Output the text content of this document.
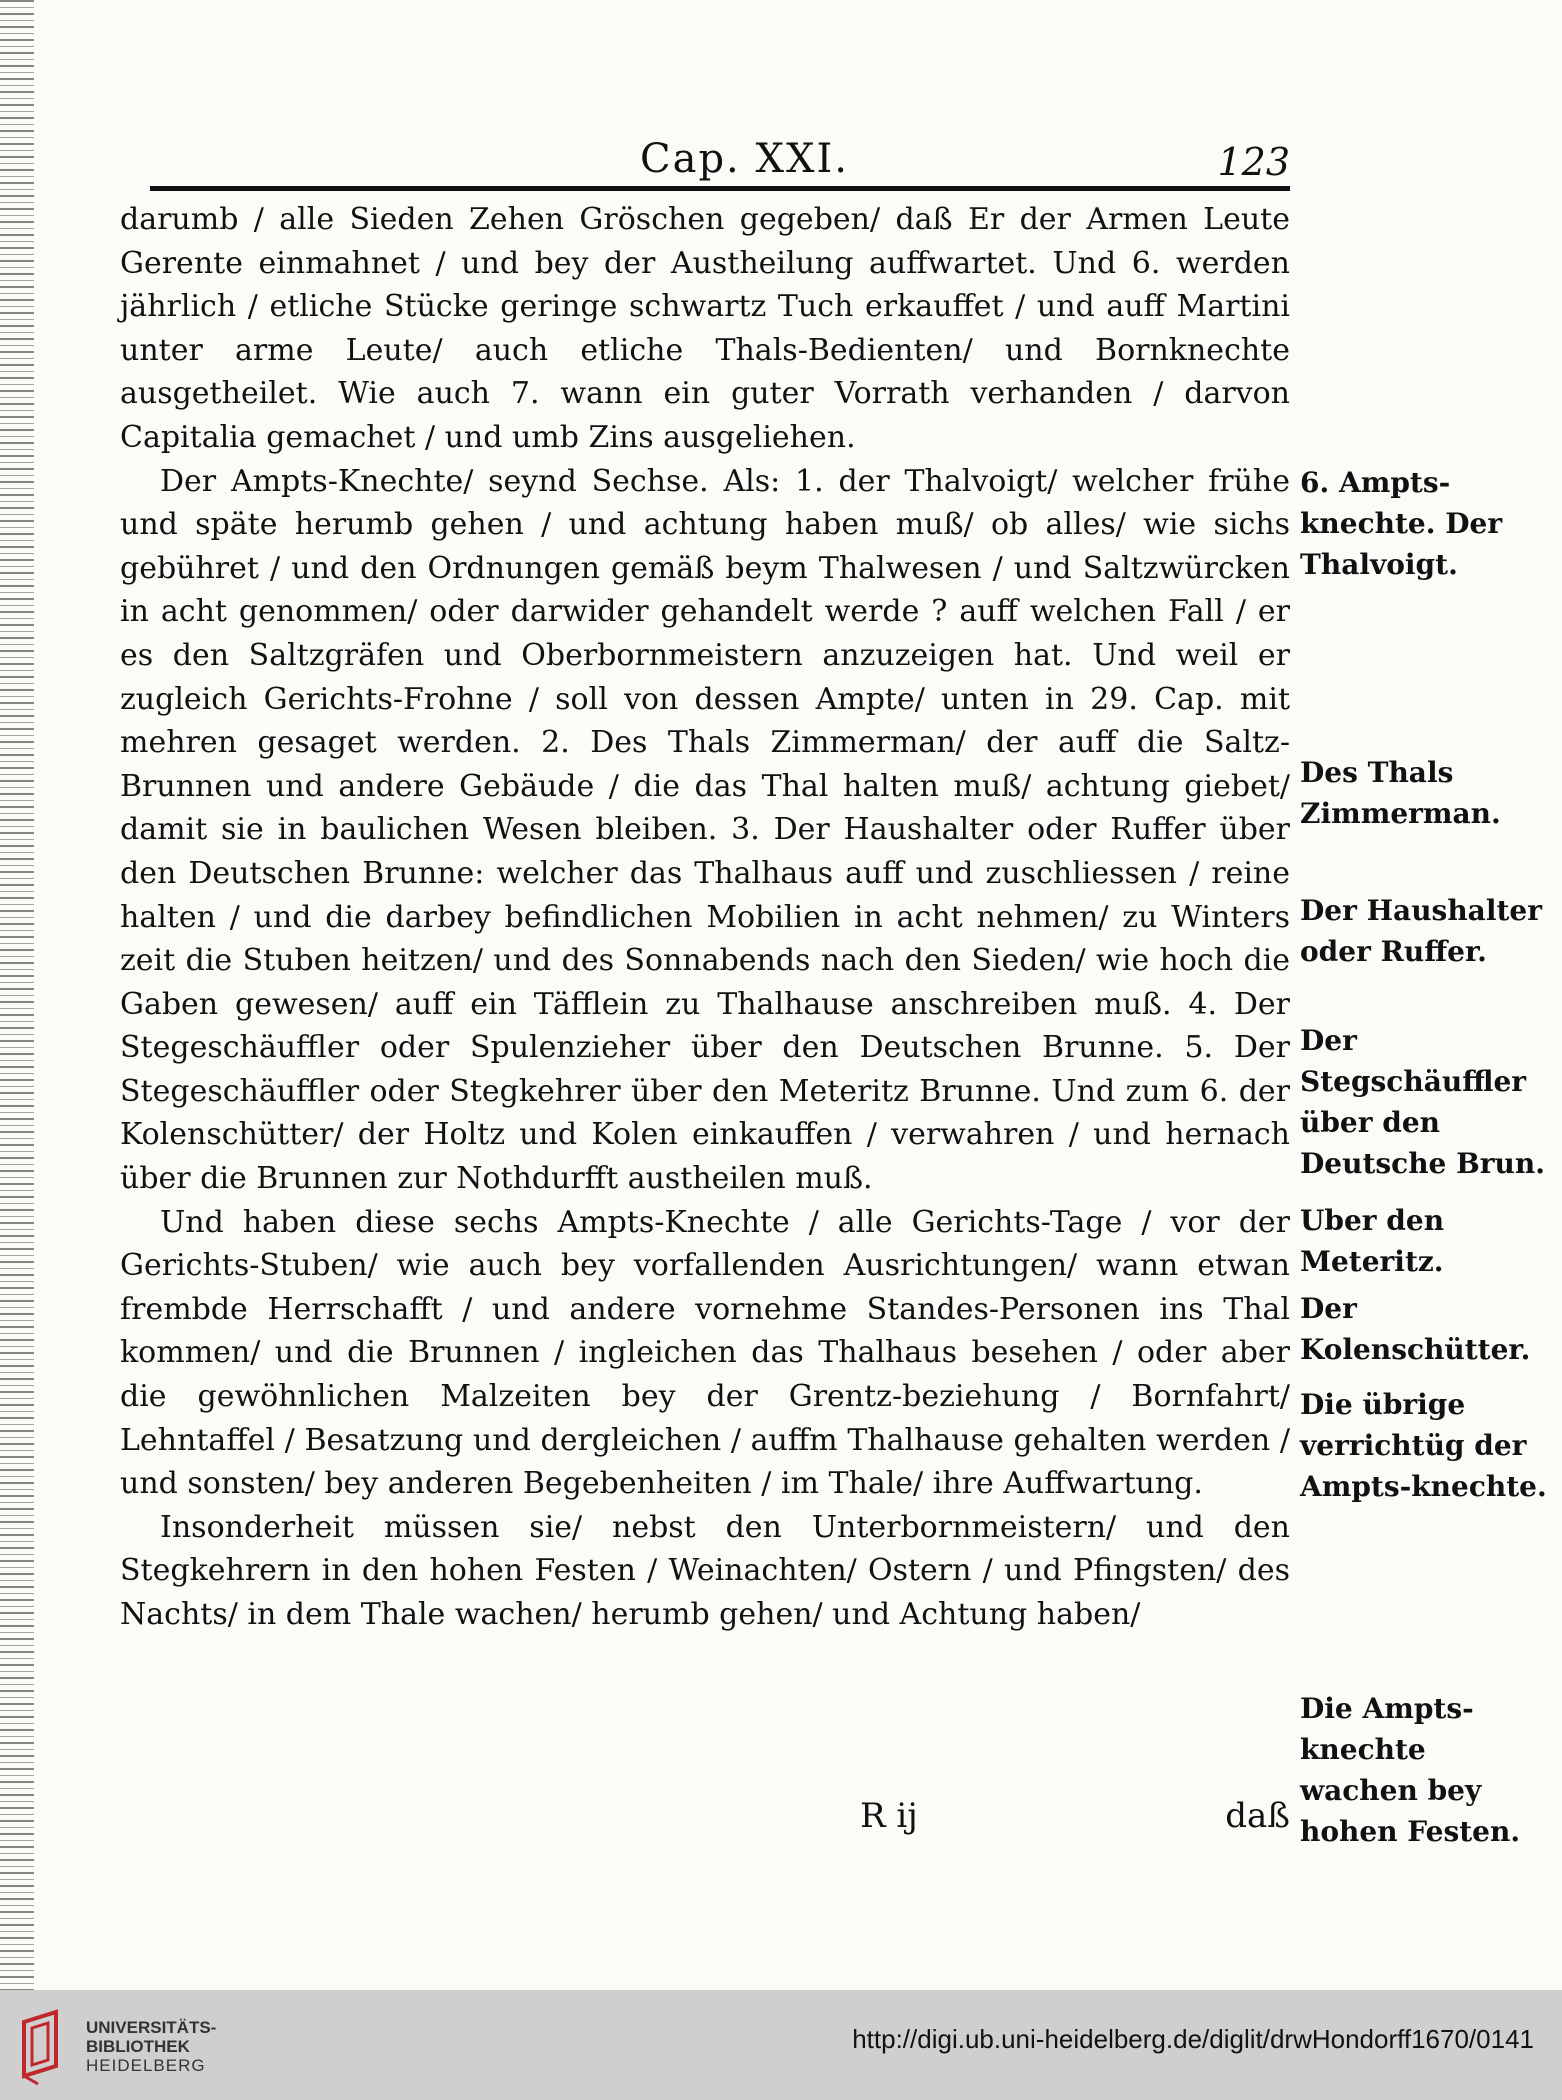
Cap. XXI.	123

darumb / alle Sieden Zehen Gröschen gegeben/ daß Er der Armen Leute Gerente einmahnet / und bey der Austheilung auffwartet. Und 6. werden jährlich / etliche Stücke geringe schwartz Tuch erkauffet / und auff Martini unter arme Leute/ auch etliche Thals-Bedienten/ und Bornknechte ausgetheilet. Wie auch 7. wann ein guter Vorrath verhanden / darvon Capitalia gemachet / und umb Zins ausgeliehen.

Der Ampts-Knechte/ seynd Sechse. Als: 1. der Thalvoigt/ welcher frühe und späte herumb gehen / und achtung haben muß/ ob alles/ wie sichs gebühret / und den Ordnungen gemäß beym Thalwesen / und Saltzwürcken in acht genommen/ oder darwider gehandelt werde ? auff welchen Fall / er es den Saltzgräfen und Oberbornmeistern anzuzeigen hat. Und weil er zugleich Gerichts-Frohne / soll von dessen Ampte/ unten in 29. Cap. mit mehren gesaget werden. 2. Des Thals Zimmerman/ der auff die Saltz-Brunnen und andere Gebäude / die das Thal halten muß/ achtung giebet/ damit sie in baulichen Wesen bleiben. 3. Der Haushalter oder Ruffer über den Deutschen Brunne: welcher das Thalhaus auff und zuschliessen / reine halten / und die darbey befindlichen Mobilien in acht nehmen/ zu Winters zeit die Stuben heitzen/ und des Sonnabends nach den Sieden/ wie hoch die Gaben gewesen/ auff ein Täfflein zu Thalhause anschreiben muß. 4. Der Stegeschäuffler oder Spulenzieher über den Deutschen Brunne. 5. Der Stegeschäuffler oder Stegkehrer über den Meteritz Brunne. Und zum 6. der Kolenschütter/ der Holtz und Kolen einkauffen / verwahren / und hernach über die Brunnen zur Nothdurfft austheilen muß.

Und haben diese sechs Ampts-Knechte / alle Gerichts-Tage / vor der Gerichts-Stuben/ wie auch bey vorfallenden Ausrichtungen/ wann etwan frembde Herrschafft / und andere vornehme Standes-Personen ins Thal kommen/ und die Brunnen / ingleichen das Thalhaus besehen / oder aber die gewöhnlichen Malzeiten bey der Grentz-beziehung / Bornfahrt/ Lehntaffel / Besatzung und dergleichen / auffm Thalhause gehalten werden / und sonsten/ bey anderen Begebenheiten / im Thale/ ihre Auffwartung.

Insonderheit müssen sie/ nebst den Unterbornmeistern/ und den Stegkehrern in den hohen Festen / Weinachten/ Ostern / und Pfingsten/ des Nachts/ in dem Thale wachen/ herumb gehen/ und Achtung haben/

R ij	daß
6. Ampts-knechte. Der Thalvoigt.
Des Thals Zimmerman.
Der Haushalter oder Ruffer.
Der Stegschäuffler über den Deutsche Brun.
Uber den Meteritz.
Der Kolenschütter.
Die übrige verrichtüg der Ampts-knechte.
Die Ampts-knechte wachen bey hohen Festen.
UNIVERSITÄTS-
BIBLIOTHEK
HEIDELBERG
http://digi.ub.uni-heidelberg.de/diglit/drwHondorff1670/0141
